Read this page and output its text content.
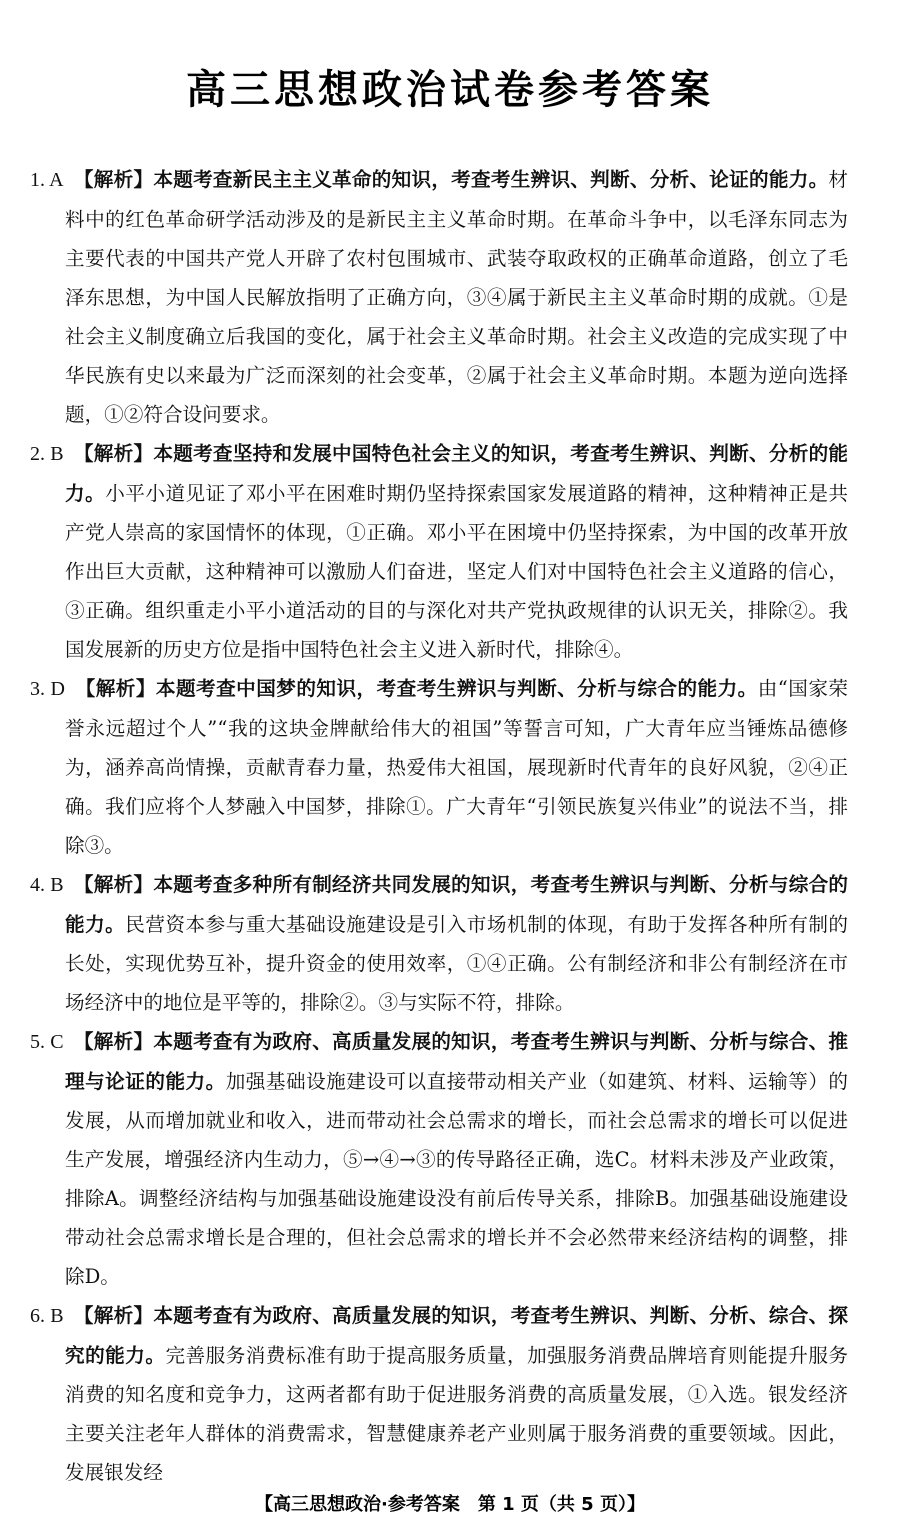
高三思想政治试卷参考答案

1. A　 【解析】本题考查新民主主义革命的知识，考查考生辨识、判断、分析、论证的能力。材料中的红色革命研学活动涉及的是新民主主义革命时期。在革命斗争中，以毛泽东同志为主要代表的中国共产党人开辟了农村包围城市、武装夺取政权的正确革命道路，创立了毛泽东思想，为中国人民解放指明了正确方向，③④属于新民主主义革命时期的成就。①是社会主义制度确立后我国的变化，属于社会主义革命时期。社会主义改造的完成实现了中华民族有史以来最为广泛而深刻的社会变革，②属于社会主义革命时期。本题为逆向选择题，①②符合设问要求。

2. B　 【解析】本题考查坚持和发展中国特色社会主义的知识，考查考生辨识、判断、分析的能力。小平小道见证了邓小平在困难时期仍坚持探索国家发展道路的精神，这种精神正是共产党人崇高的家国情怀的体现，①正确。邓小平在困境中仍坚持探索，为中国的改革开放作出巨大贡献，这种精神可以激励人们奋进，坚定人们对中国特色社会主义道路的信心，③正确。组织重走小平小道活动的目的与深化对共产党执政规律的认识无关，排除②。我国发展新的历史方位是指中国特色社会主义进入新时代，排除④。

3. D　 【解析】本题考查中国梦的知识，考查考生辨识与判断、分析与综合的能力。由“国家荣誉永远超过个人”“我的这块金牌献给伟大的祖国”等誓言可知，广大青年应当锤炼品德修为，涵养高尚情操，贡献青春力量，热爱伟大祖国，展现新时代青年的良好风貌，②④正确。我们应将个人梦融入中国梦，排除①。广大青年“引领民族复兴伟业”的说法不当，排除③。

4. B　 【解析】本题考查多种所有制经济共同发展的知识，考查考生辨识与判断、分析与综合的能力。民营资本参与重大基础设施建设是引入市场机制的体现，有助于发挥各种所有制的长处，实现优势互补，提升资金的使用效率，①④正确。公有制经济和非公有制经济在市场经济中的地位是平等的，排除②。③与实际不符，排除。

5. C　 【解析】本题考查有为政府、高质量发展的知识，考查考生辨识与判断、分析与综合、推理与论证的能力。加强基础设施建设可以直接带动相关产业（如建筑、材料、运输等）的发展，从而增加就业和收入，进而带动社会总需求的增长，而社会总需求的增长可以促进生产发展，增强经济内生动力，⑤→④→③的传导路径正确，选C。材料未涉及产业政策，排除A。调整经济结构与加强基础设施建设没有前后传导关系，排除B。加强基础设施建设带动社会总需求增长是合理的，但社会总需求的增长并不会必然带来经济结构的调整，排除D。

6. B　 【解析】本题考查有为政府、高质量发展的知识，考查考生辨识、判断、分析、综合、探究的能力。完善服务消费标准有助于提高服务质量，加强服务消费品牌培育则能提升服务消费的知名度和竞争力，这两者都有助于促进服务消费的高质量发展，①入选。银发经济主要关注老年人群体的消费需求，智慧健康养老产业则属于服务消费的重要领域。因此，发展银发经

【高三思想政治·参考答案　第 1 页（共 5 页）】
